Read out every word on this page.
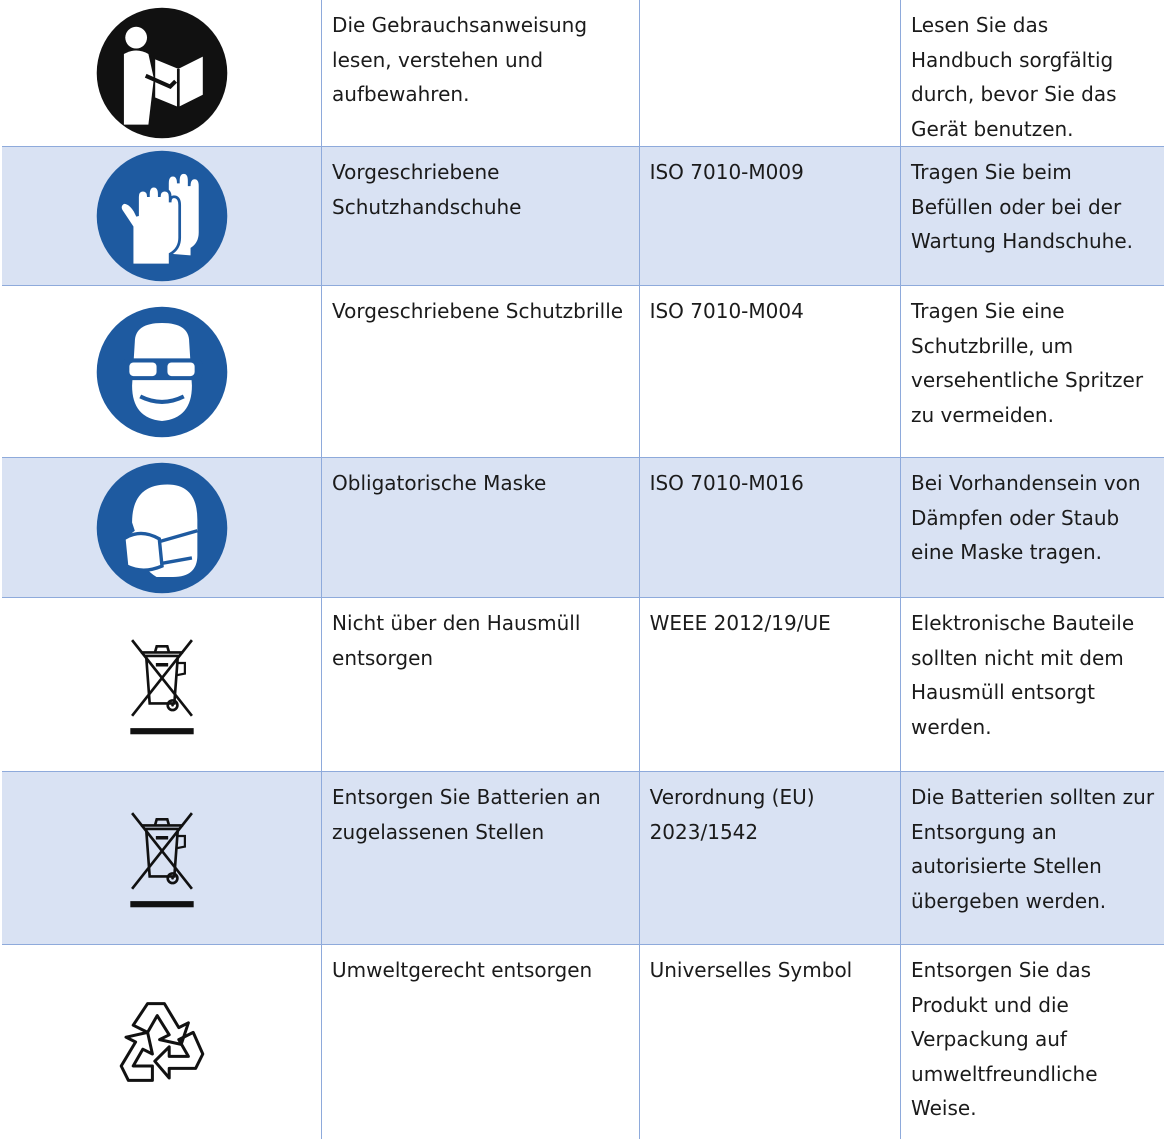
Die Gebrauchsanweisung lesen, verstehen und aufbewahren.		Lesen Sie das Handbuch sorgfältig durch, bevor Sie das Gerät benutzen.

Vorgeschriebene Schutzhandschuhe	ISO 7010-M009	Tragen Sie beim Befüllen oder bei der Wartung Handschuhe.

Vorgeschriebene Schutzbrille	ISO 7010-M004	Tragen Sie eine Schutzbrille, um versehentliche Spritzer zu vermeiden.

Obligatorische Maske	ISO 7010-M016	Bei Vorhandensein von Dämpfen oder Staub eine Maske tragen.

Nicht über den Hausmüll entsorgen	WEEE 2012/19/UE	Elektronische Bauteile sollten nicht mit dem Hausmüll entsorgt werden.

Entsorgen Sie Batterien an zugelassenen Stellen	Verordnung (EU) 2023/1542	Die Batterien sollten zur Entsorgung an autorisierte Stellen übergeben werden.

Umweltgerecht entsorgen	Universelles Symbol	Entsorgen Sie das Produkt und die Verpackung auf umweltfreundliche Weise.
